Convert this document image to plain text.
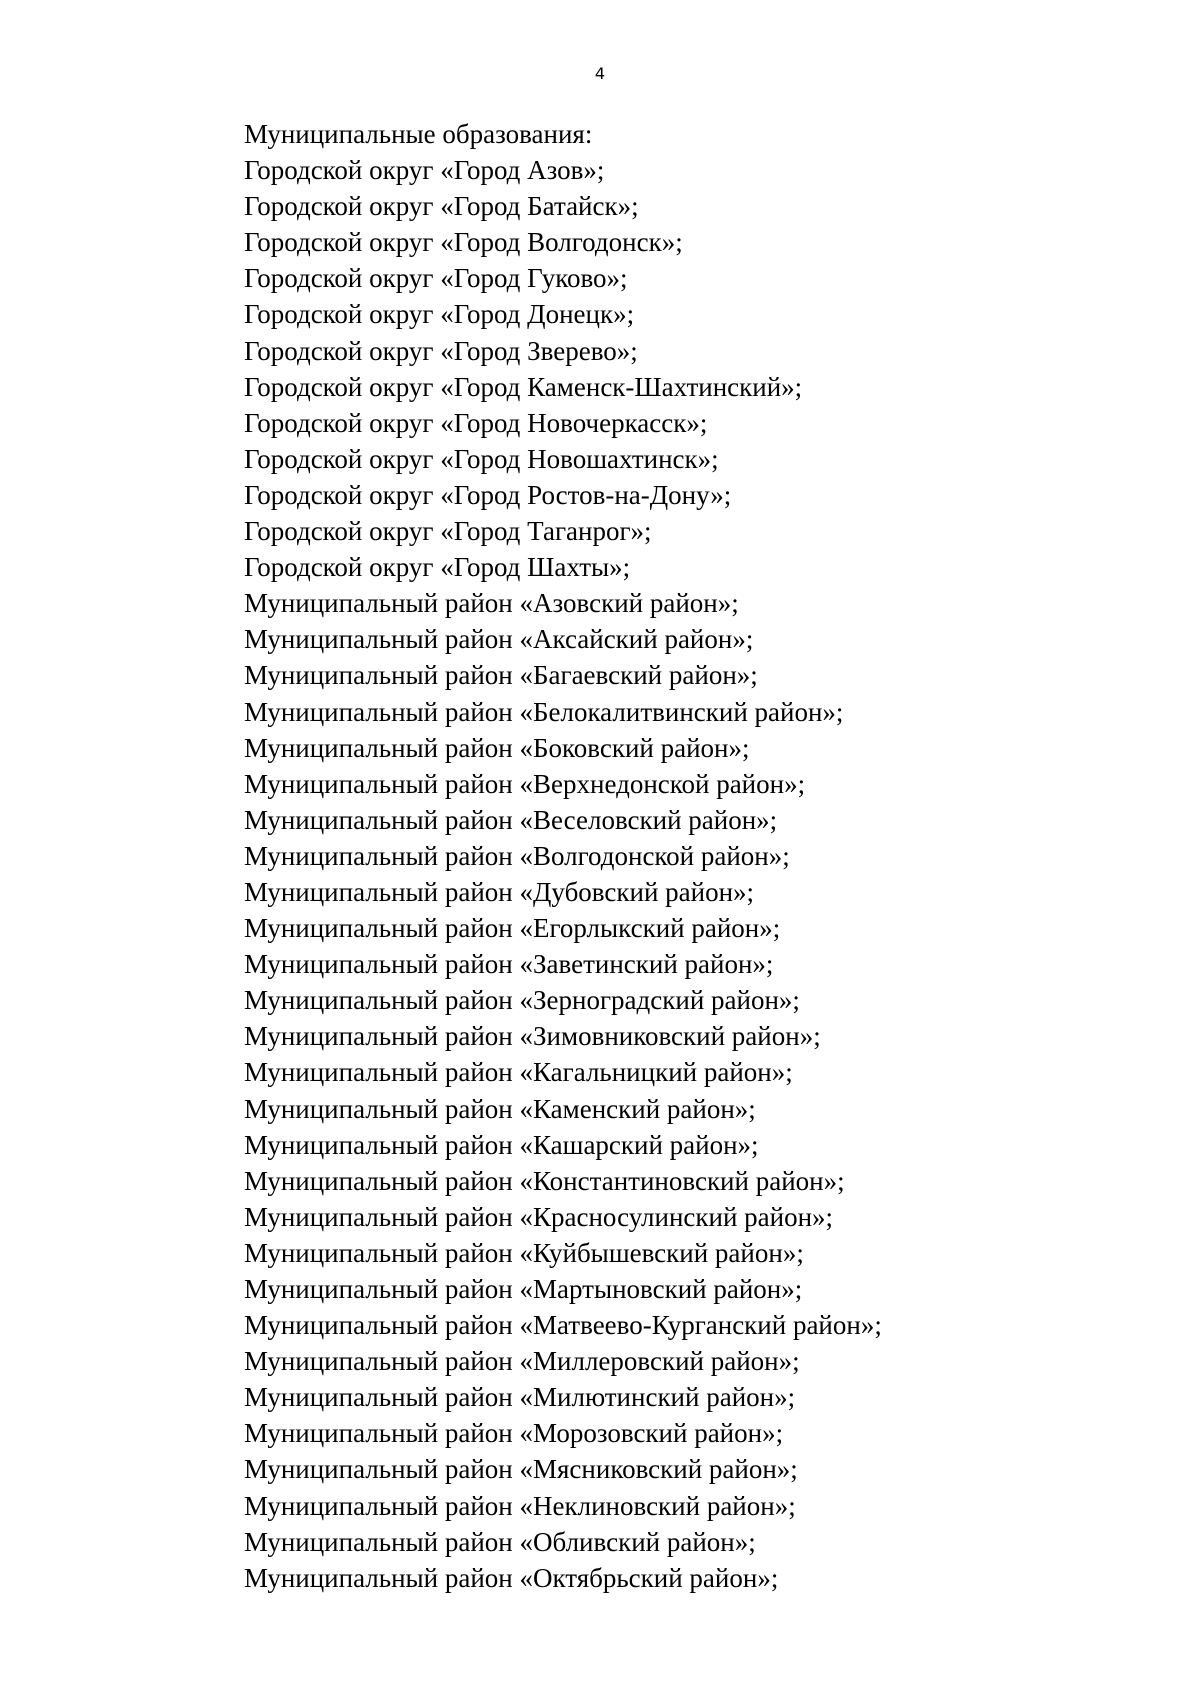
4
Муниципальные образования:
Городской округ «Город Азов»;
Городской округ «Город Батайск»;
Городской округ «Город Волгодонск»;
Городской округ «Город Гуково»;
Городской округ «Город Донецк»;
Городской округ «Город Зверево»;
Городской округ «Город Каменск-Шахтинский»;
Городской округ «Город Новочеркасск»;
Городской округ «Город Новошахтинск»;
Городской округ «Город Ростов-на-Дону»;
Городской округ «Город Таганрог»;
Городской округ «Город Шахты»;
Муниципальный район «Азовский район»;
Муниципальный район «Аксайский район»;
Муниципальный район «Багаевский район»;
Муниципальный район «Белокалитвинский район»;
Муниципальный район «Боковский район»;
Муниципальный район «Верхнедонской район»;
Муниципальный район «Веселовский район»;
Муниципальный район «Волгодонской район»;
Муниципальный район «Дубовский район»;
Муниципальный район «Егорлыкский район»;
Муниципальный район «Заветинский район»;
Муниципальный район «Зерноградский район»;
Муниципальный район «Зимовниковский район»;
Муниципальный район «Кагальницкий район»;
Муниципальный район «Каменский район»;
Муниципальный район «Кашарский район»;
Муниципальный район «Константиновский район»;
Муниципальный район «Красносулинский район»;
Муниципальный район «Куйбышевский район»;
Муниципальный район «Мартыновский район»;
Муниципальный район «Матвеево-Курганский район»;
Муниципальный район «Миллеровский район»;
Муниципальный район «Милютинский район»;
Муниципальный район «Морозовский район»;
Муниципальный район «Мясниковский район»;
Муниципальный район «Неклиновский район»;
Муниципальный район «Обливский район»;
Муниципальный район «Октябрьский район»;
